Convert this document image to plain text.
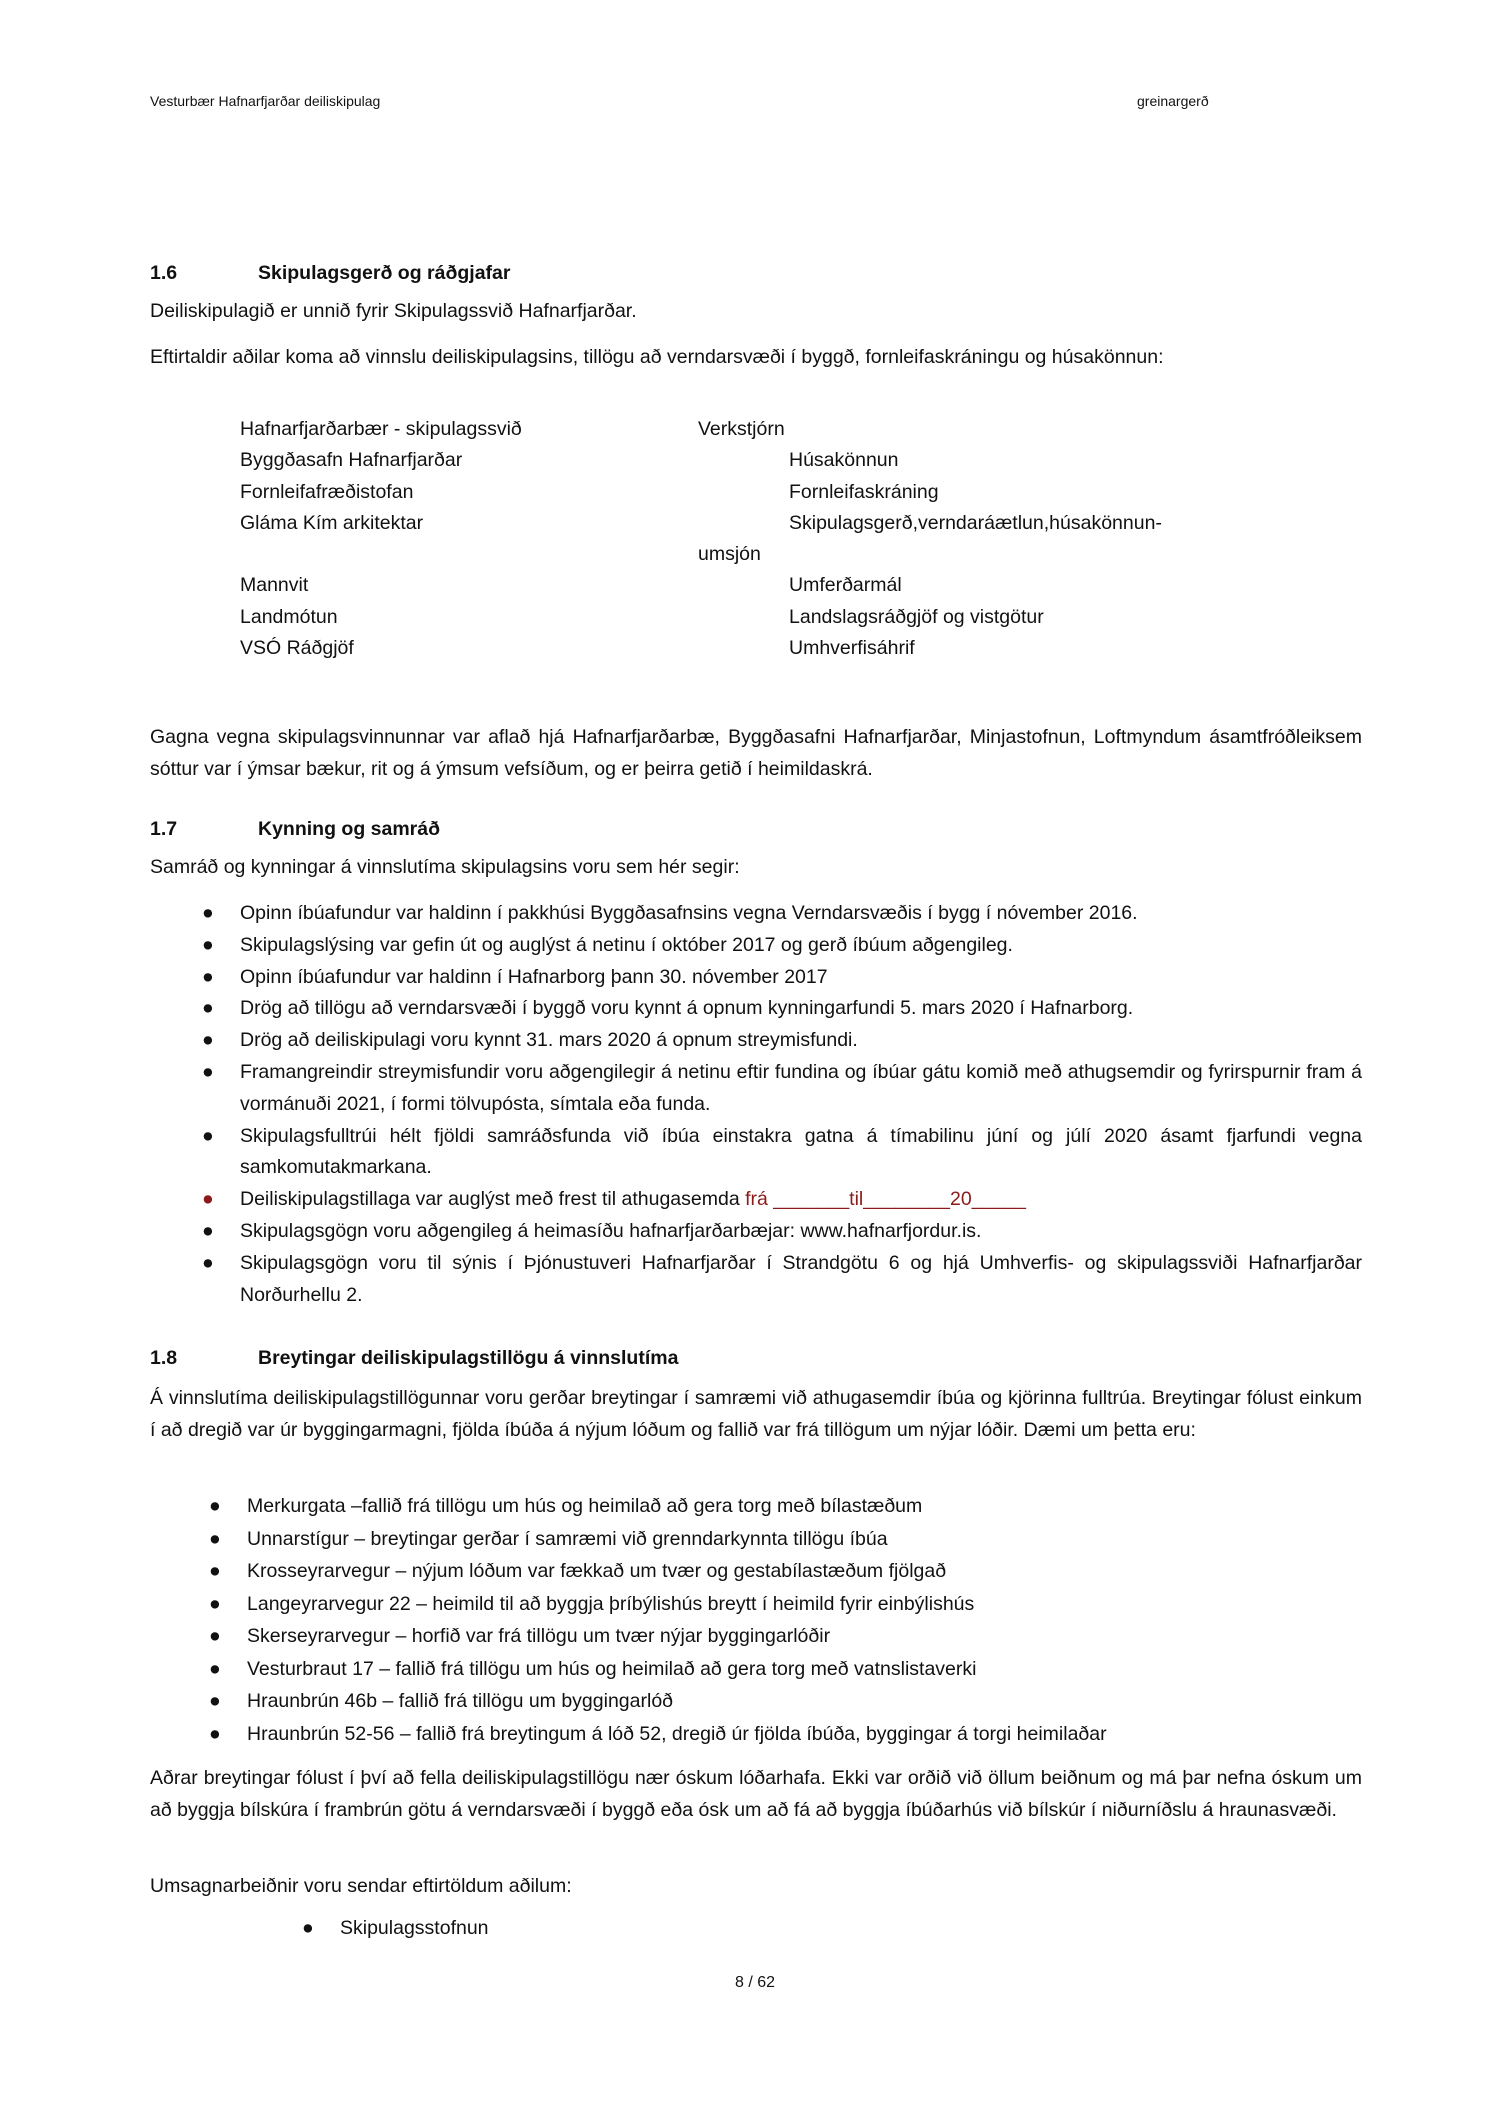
Vesturbær Hafnarfjarðar deiliskipulag	greinargerð
1.6	Skipulagsgerð og ráðgjafar
Deiliskipulagið er unnið fyrir Skipulagssvið Hafnarfjarðar.
Eftirtaldir aðilar koma að vinnslu deiliskipulagsins, tillögu að verndarsvæði í byggð, fornleifaskráningu og húsakönnun:
Hafnarfjarðarbær - skipulagssvið	Verkstjórn
Byggðasafn Hafnarfjarðar	Húsakönnun
Fornleifafræðistofan	Fornleifaskráning
Gláma Kím arkitektar	Skipulagsgerð,verndaráætlun,húsakönnun-
umsjón
Mannvit	Umferðarmál
Landmótun	Landslagsráðgjöf og vistgötur
VSÓ Ráðgjöf	Umhverfisáhrif
Gagna vegna skipulagsvinnunnar var aflað hjá Hafnarfjarðarbæ, Byggðasafni Hafnarfjarðar, Minjastofnun, Loftmyndum ásamtfróðleiksem sóttur var í ýmsar bækur, rit og á ýmsum vefsíðum, og er þeirra getið í heimildaskrá.
1.7	Kynning og samráð
Samráð og kynningar á vinnslutíma skipulagsins voru sem hér segir:
● Opinn íbúafundur var haldinn í pakkhúsi Byggðasafnsins vegna Verndarsvæðis í bygg í nóvember 2016.
● Skipulagslýsing var gefin út og auglýst á netinu í október 2017 og gerð íbúum aðgengileg.
● Opinn íbúafundur var haldinn í Hafnarborg þann 30. nóvember 2017
● Drög að tillögu að verndarsvæði í byggð voru kynnt á opnum kynningarfundi 5. mars 2020 í Hafnarborg.
● Drög að deiliskipulagi voru kynnt 31. mars 2020 á opnum streymisfundi.
● Framangreindir streymisfundir voru aðgengilegir á netinu eftir fundina og íbúar gátu komið með athugsemdir og fyrirspurnir fram á vormánuði 2021, í formi tölvupósta, símtala eða funda.
● Skipulagsfulltrúi hélt fjöldi samráðsfunda við íbúa einstakra gatna á tímabilinu júní og júlí 2020 ásamt fjarfundi vegna samkomutakmarkana.
● Deiliskipulagstillaga var auglýst með frest til athugasemda frá _______til________20_____
● Skipulagsgögn voru aðgengileg á heimasíðu hafnarfjarðarbæjar: www.hafnarfjordur.is.
● Skipulagsgögn voru til sýnis í Þjónustuveri Hafnarfjarðar í Strandgötu 6 og hjá Umhverfis- og skipulagssviði Hafnarfjarðar Norðurhellu 2.
1.8	Breytingar deiliskipulagstillögu á vinnslutíma
Á vinnslutíma deiliskipulagstillögunnar voru gerðar breytingar í samræmi við athugasemdir íbúa og kjörinna fulltrúa. Breytingar fólust einkum í að dregið var úr byggingarmagni, fjölda íbúða á nýjum lóðum og fallið var frá tillögum um nýjar lóðir. Dæmi um þetta eru:
● Merkurgata –fallið frá tillögu um hús og heimilað að gera torg með bílastæðum
● Unnarstígur – breytingar gerðar í samræmi við grenndarkynnta tillögu íbúa
● Krosseyrarvegur – nýjum lóðum var fækkað um tvær og gestabílastæðum fjölgað
● Langeyrarvegur 22 – heimild til að byggja þríbýlishús breytt í heimild fyrir einbýlishús
● Skerseyrarvegur – horfið var frá tillögu um tvær nýjar byggingarlóðir
● Vesturbraut 17 – fallið frá tillögu um hús og heimilað að gera torg með vatnslistaverki
● Hraunbrún 46b – fallið frá tillögu um byggingarlóð
● Hraunbrún 52-56 – fallið frá breytingum á lóð 52, dregið úr fjölda íbúða, byggingar á torgi heimilaðar
Aðrar breytingar fólust í því að fella deiliskipulagstillögu nær óskum lóðarhafa. Ekki var orðið við öllum beiðnum og má þar nefna óskum um að byggja bílskúra í frambrún götu á verndarsvæði í byggð eða ósk um að fá að byggja íbúðarhús við bílskúr í niðurníðslu á hraunasvæði.
Umsagnarbeiðnir voru sendar eftirtöldum aðilum:
● Skipulagsstofnun
8 / 62
